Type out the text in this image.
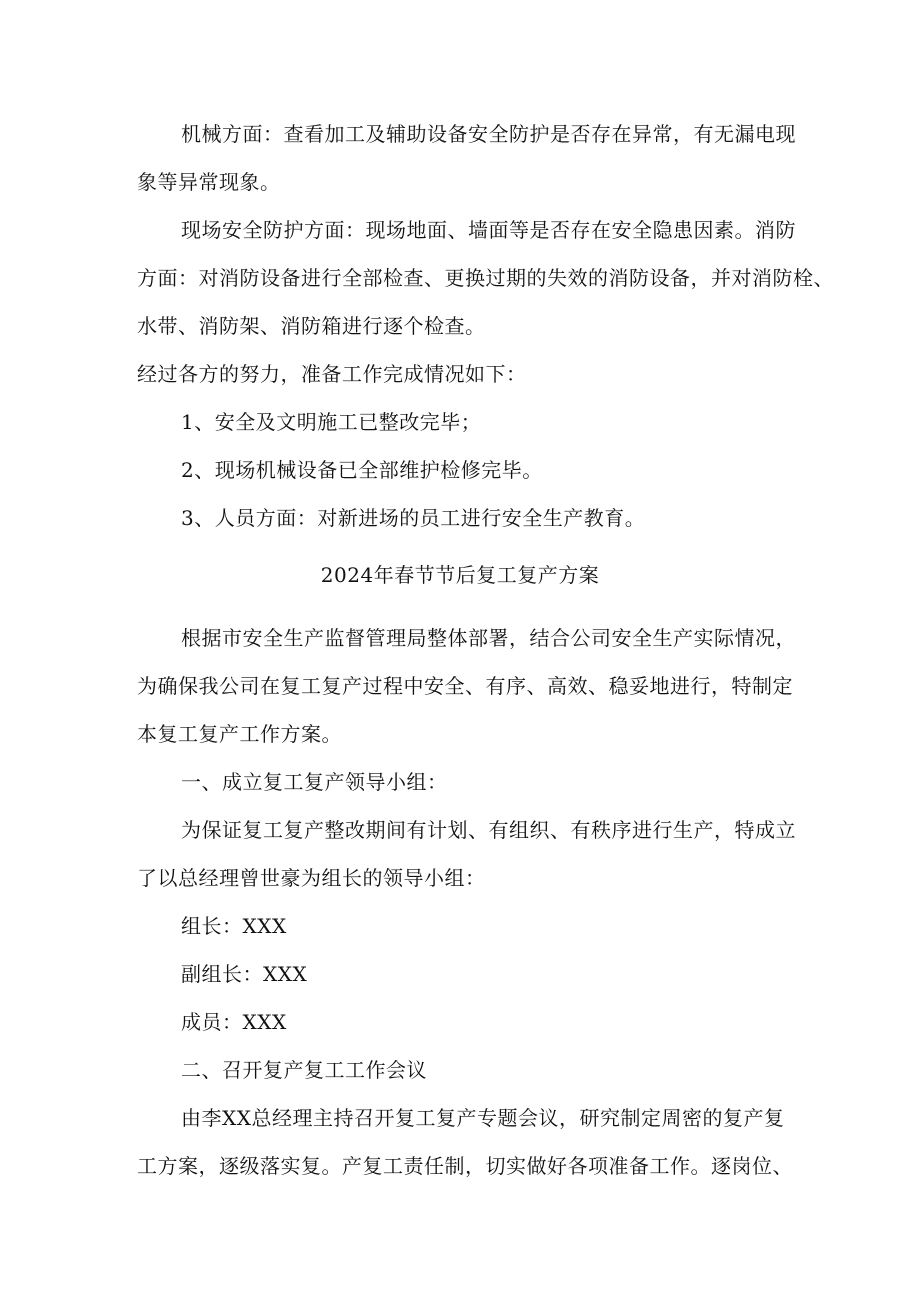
机械方面：查看加工及辅助设备安全防护是否存在异常，有无漏电现
象等异常现象。
现场安全防护方面：现场地面、墙面等是否存在安全隐患因素。消防
方面：对消防设备进行全部检查、更换过期的失效的消防设备，并对消防栓、
水带、消防架、消防箱进行逐个检查。
经过各方的努力，准备工作完成情况如下：
1、安全及文明施工已整改完毕；
2、现场机械设备已全部维护检修完毕。
3、人员方面：对新进场的员工进行安全生产教育。
2024年春节节后复工复产方案
根据市安全生产监督管理局整体部署，结合公司安全生产实际情况，
为确保我公司在复工复产过程中安全、有序、高效、稳妥地进行，特制定
本复工复产工作方案。
一、成立复工复产领导小组：
为保证复工复产整改期间有计划、有组织、有秩序进行生产，特成立
了以总经理曾世豪为组长的领导小组：
组长：XXX
副组长：XXX
成员：XXX
二、召开复产复工工作会议
由李XX总经理主持召开复工复产专题会议，研究制定周密的复产复
工方案，逐级落实复。产复工责任制，切实做好各项准备工作。逐岗位、
